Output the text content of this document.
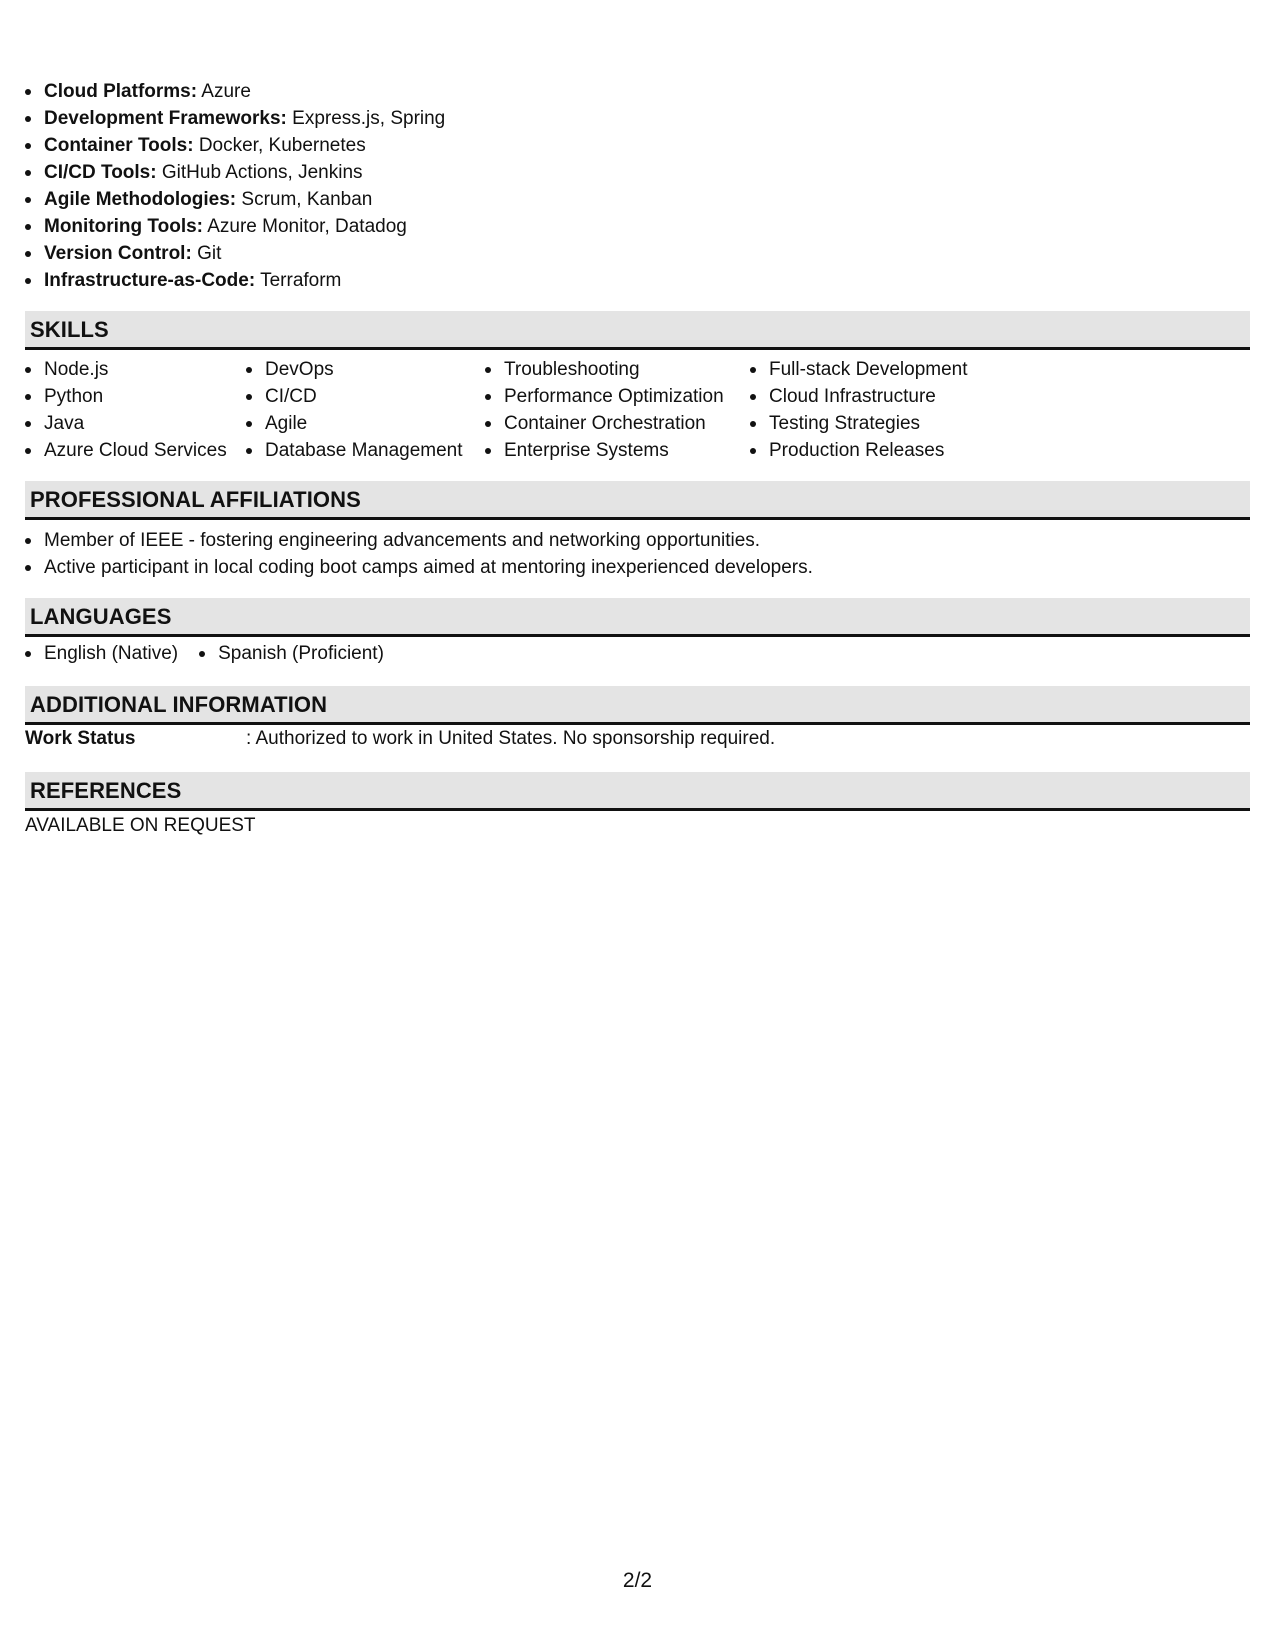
Cloud Platforms: Azure
Development Frameworks: Express.js, Spring
Container Tools: Docker, Kubernetes
CI/CD Tools: GitHub Actions, Jenkins
Agile Methodologies: Scrum, Kanban
Monitoring Tools: Azure Monitor, Datadog
Version Control: Git
Infrastructure-as-Code: Terraform
SKILLS
Node.js
Python
Java
Azure Cloud Services
DevOps
CI/CD
Agile
Database Management
Troubleshooting
Performance Optimization
Container Orchestration
Enterprise Systems
Full-stack Development
Cloud Infrastructure
Testing Strategies
Production Releases
PROFESSIONAL AFFILIATIONS
Member of IEEE - fostering engineering advancements and networking opportunities.
Active participant in local coding boot camps aimed at mentoring inexperienced developers.
LANGUAGES
English (Native)	Spanish (Proficient)
ADDITIONAL INFORMATION
Work Status	: Authorized to work in United States. No sponsorship required.
REFERENCES
AVAILABLE ON REQUEST
2/2
